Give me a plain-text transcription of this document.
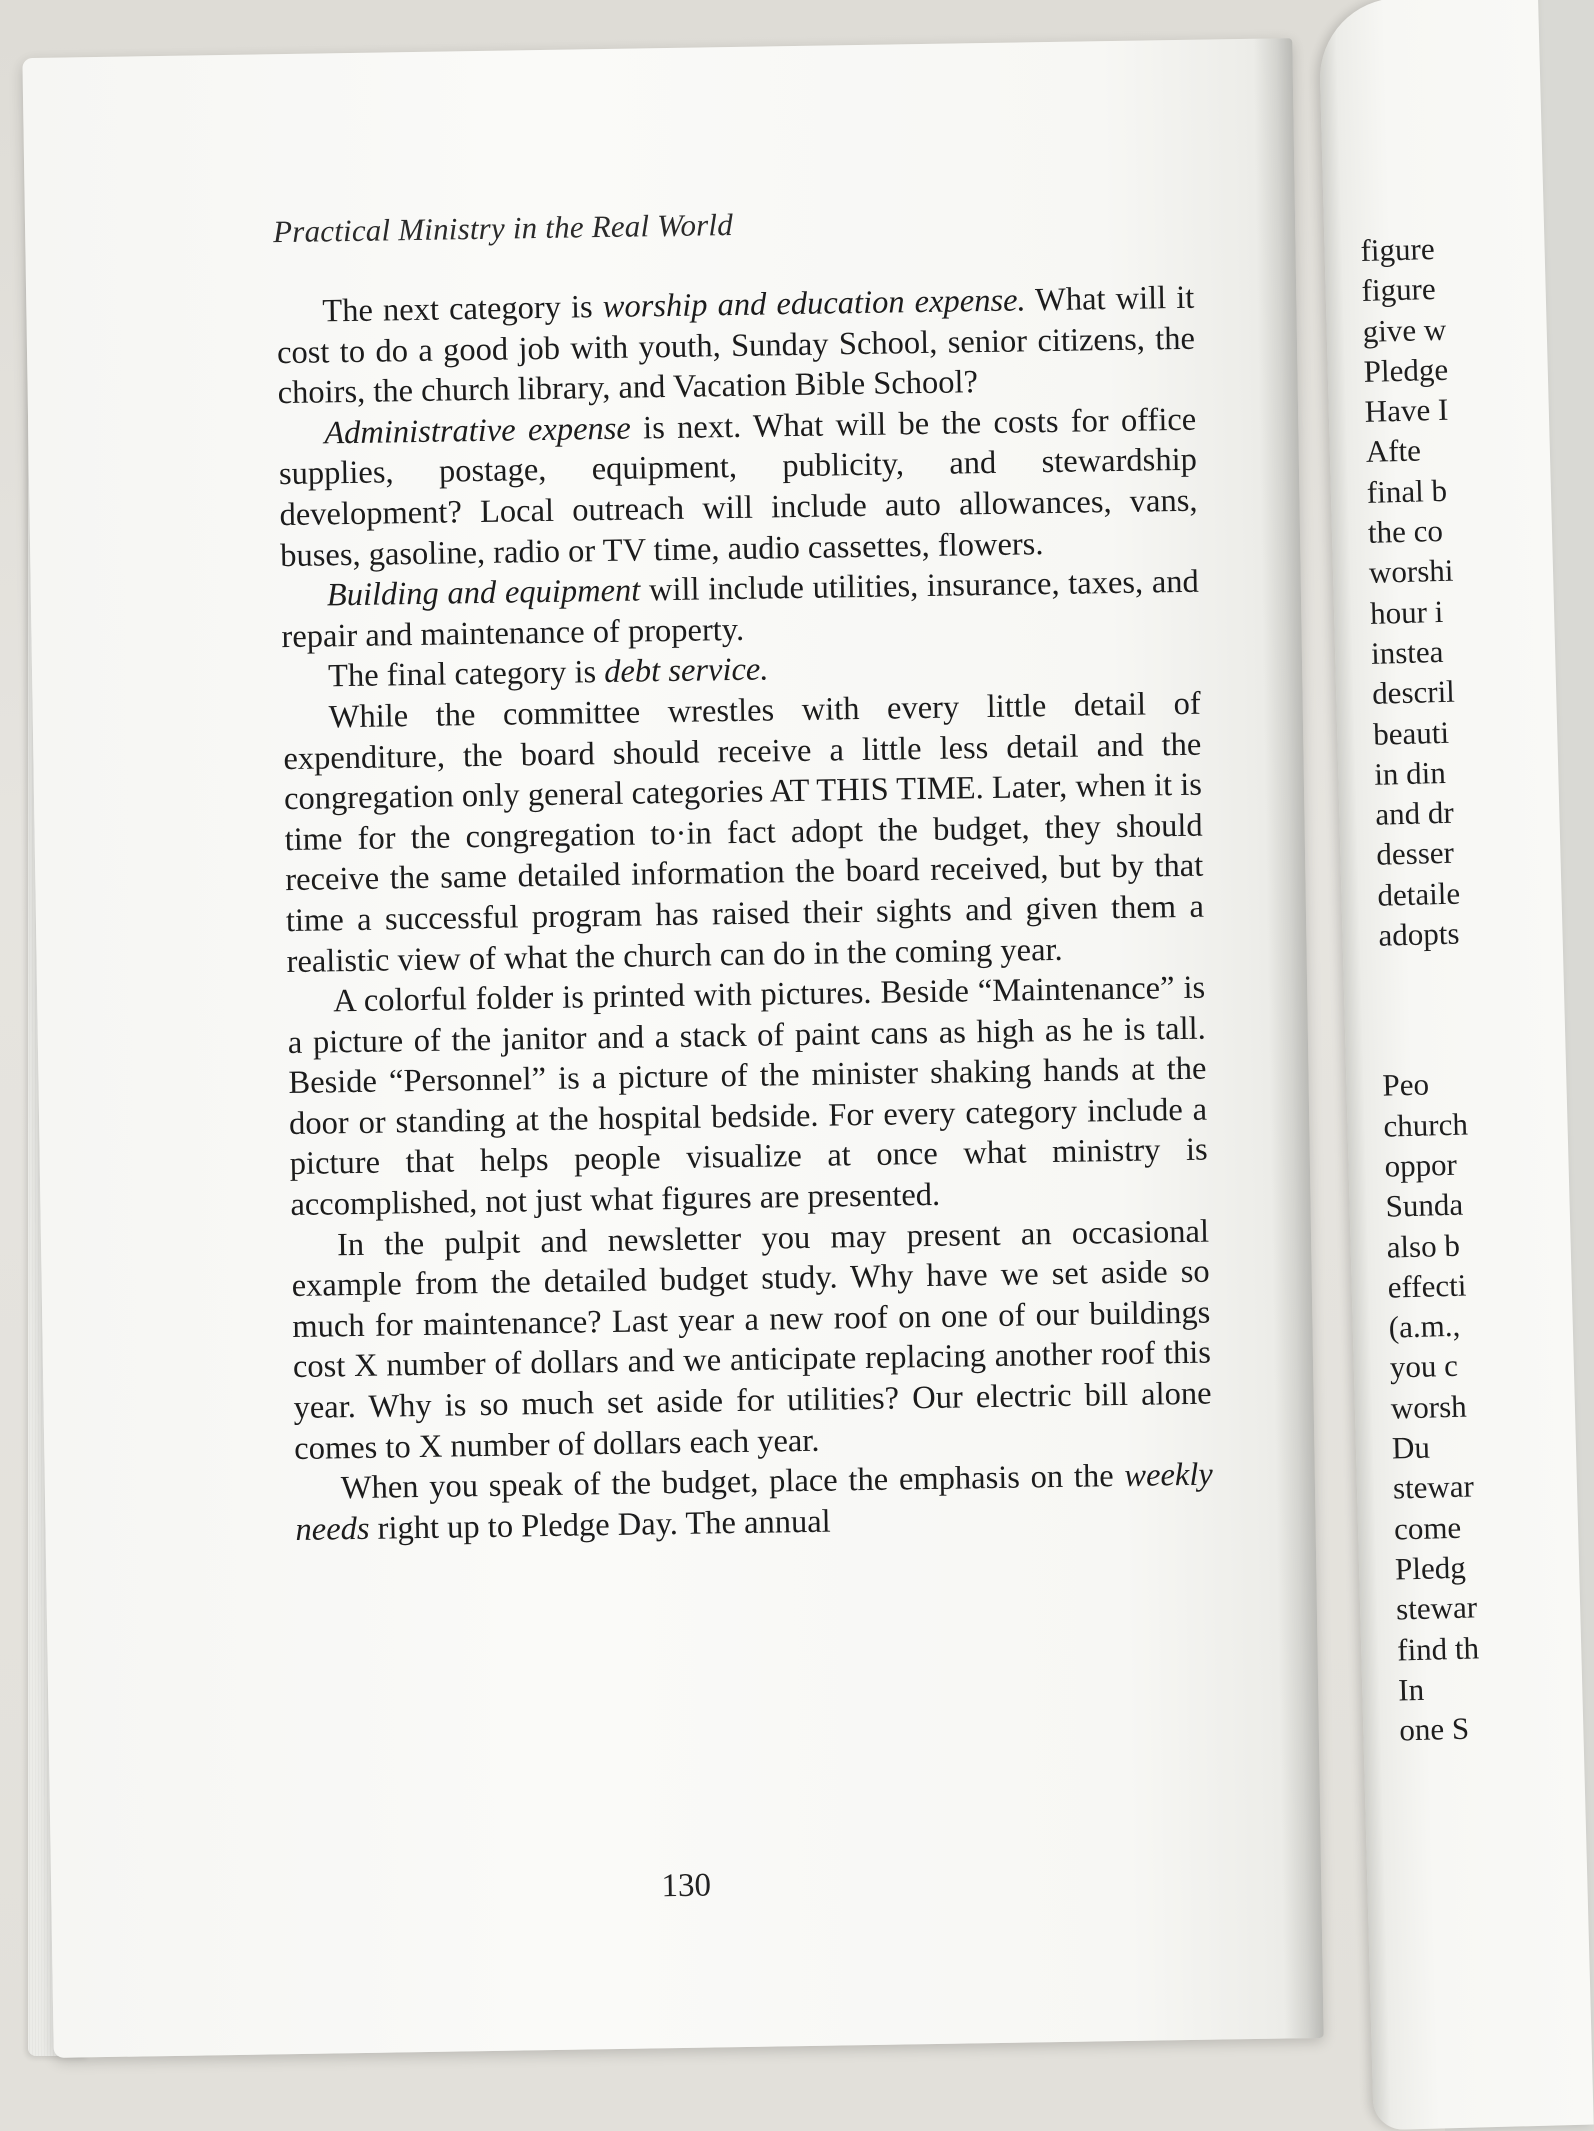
Practical Ministry in the Real World

The next category is worship and education expense. What will it cost to do a good job with youth, Sunday School, senior citizens, the choirs, the church library, and Vacation Bible School?

Administrative expense is next. What will be the costs for office supplies, postage, equipment, publicity, and stewardship development? Local outreach will include auto allowances, vans, buses, gasoline, radio or TV time, audio cassettes, flowers.

Building and equipment will include utilities, insurance, taxes, and repair and maintenance of property.

The final category is debt service.

While the committee wrestles with every little detail of expenditure, the board should receive a little less detail and the congregation only general categories AT THIS TIME. Later, when it is time for the congregation to·in fact adopt the budget, they should receive the same detailed information the board received, but by that time a successful program has raised their sights and given them a realistic view of what the church can do in the coming year.

A colorful folder is printed with pictures. Beside “Maintenance” is a picture of the janitor and a stack of paint cans as high as he is tall. Beside “Personnel” is a picture of the minister shaking hands at the door or standing at the hospital bedside. For every category include a picture that helps people visualize at once what ministry is accomplished, not just what figures are presented.

In the pulpit and newsletter you may present an occasional example from the detailed budget study. Why have we set aside so much for maintenance? Last year a new roof on one of our buildings cost X number of dollars and we anticipate replacing another roof this year. Why is so much set aside for utilities? Our electric bill alone comes to X number of dollars each year.

When you speak of the budget, place the emphasis on the weekly needs right up to Pledge Day. The annual

130
figure
figure
give w
Pledge
Have I
Afte
final b
the co
worshi
hour i
instea
descril
beauti
in din
and dr
desser
detaile
adopts
Peo
church
oppor
Sunda
also b
effecti
(a.m.,
you c
worsh
Du
stewar
come
Pledg
stewar
find th
In
one S
